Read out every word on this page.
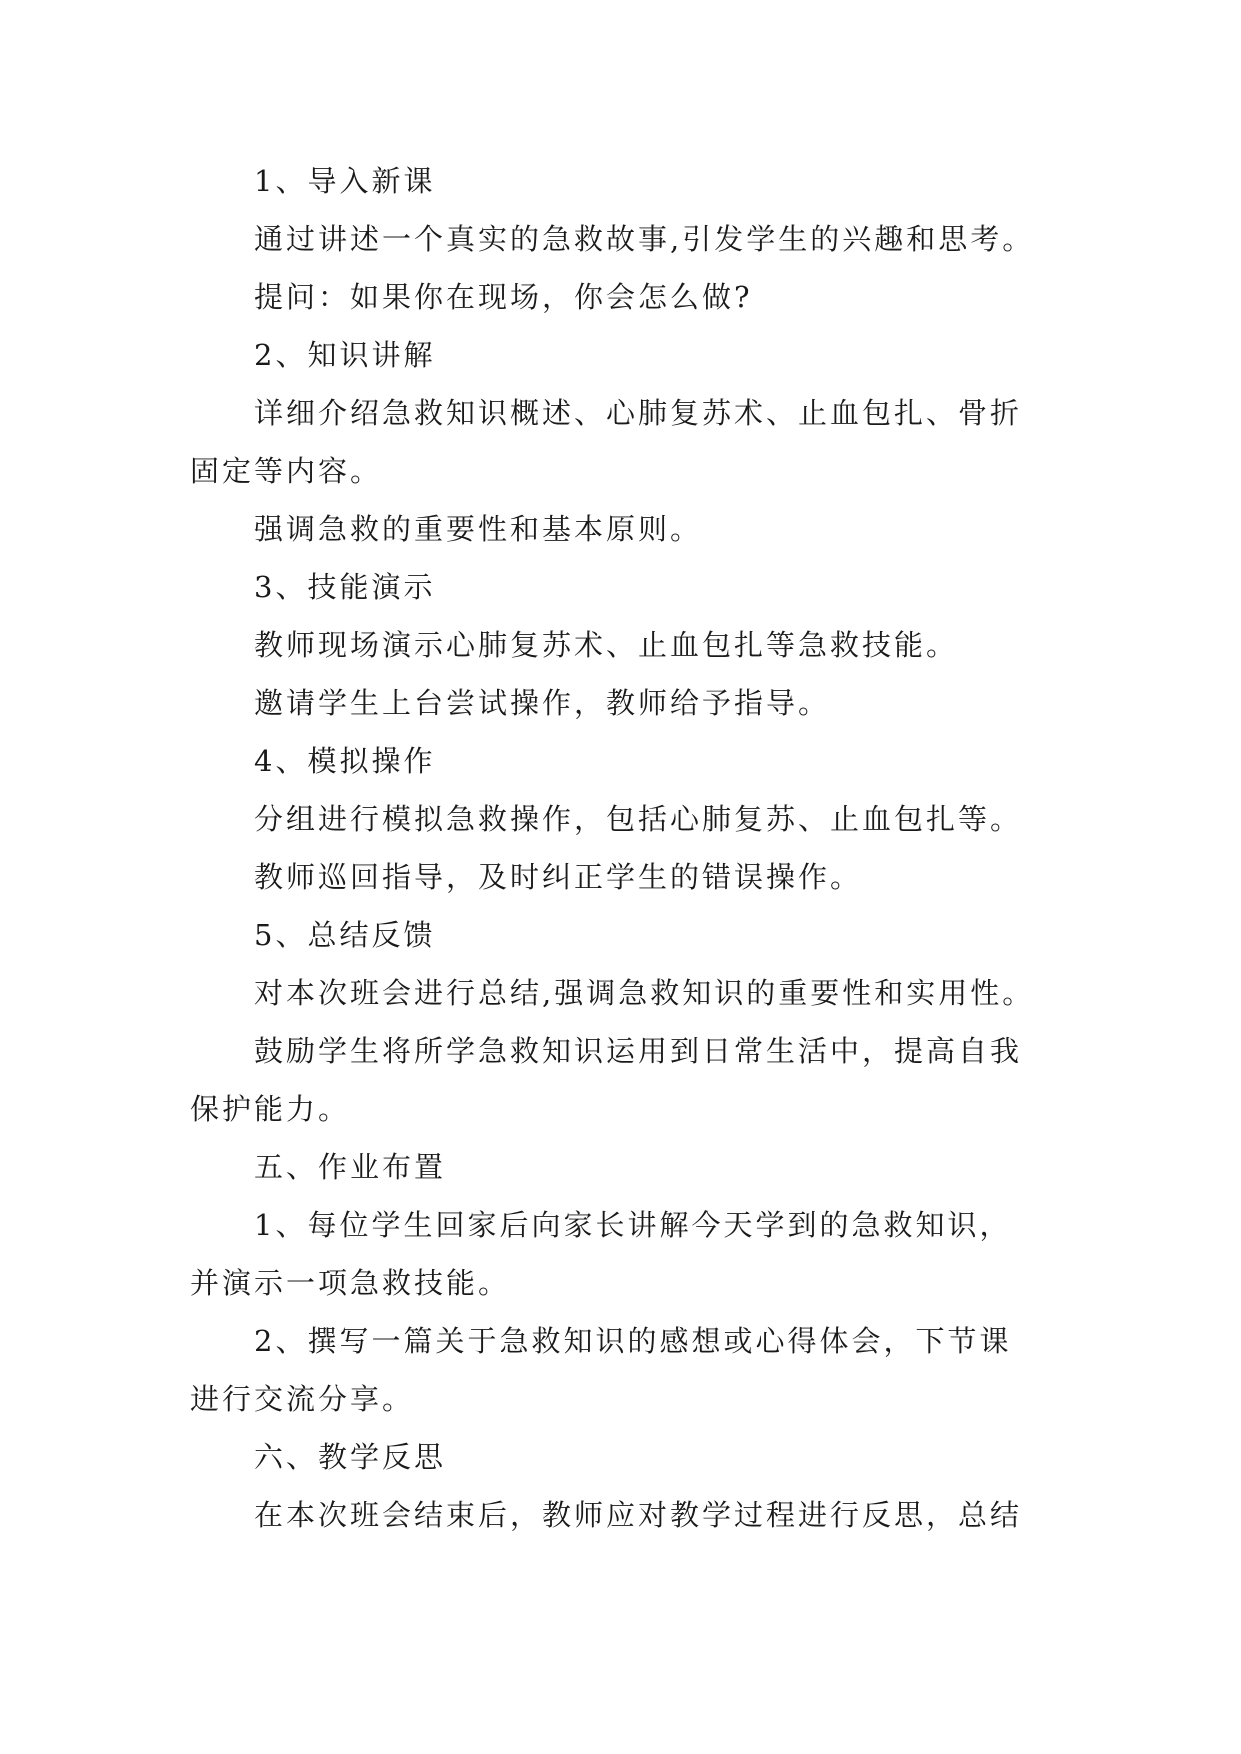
1、导入新课
通过讲述一个真实的急救故事,引发学生的兴趣和思考。
提问：如果你在现场，你会怎么做?
2、知识讲解
详细介绍急救知识概述、心肺复苏术、止血包扎、骨折
固定等内容。
强调急救的重要性和基本原则。
3、技能演示
教师现场演示心肺复苏术、止血包扎等急救技能。
邀请学生上台尝试操作，教师给予指导。
4、模拟操作
分组进行模拟急救操作，包括心肺复苏、止血包扎等。
教师巡回指导，及时纠正学生的错误操作。
5、总结反馈
对本次班会进行总结,强调急救知识的重要性和实用性。
鼓励学生将所学急救知识运用到日常生活中，提高自我
保护能力。
五、作业布置
1、每位学生回家后向家长讲解今天学到的急救知识，
并演示一项急救技能。
2、撰写一篇关于急救知识的感想或心得体会，下节课
进行交流分享。
六、教学反思
在本次班会结束后，教师应对教学过程进行反思，总结
